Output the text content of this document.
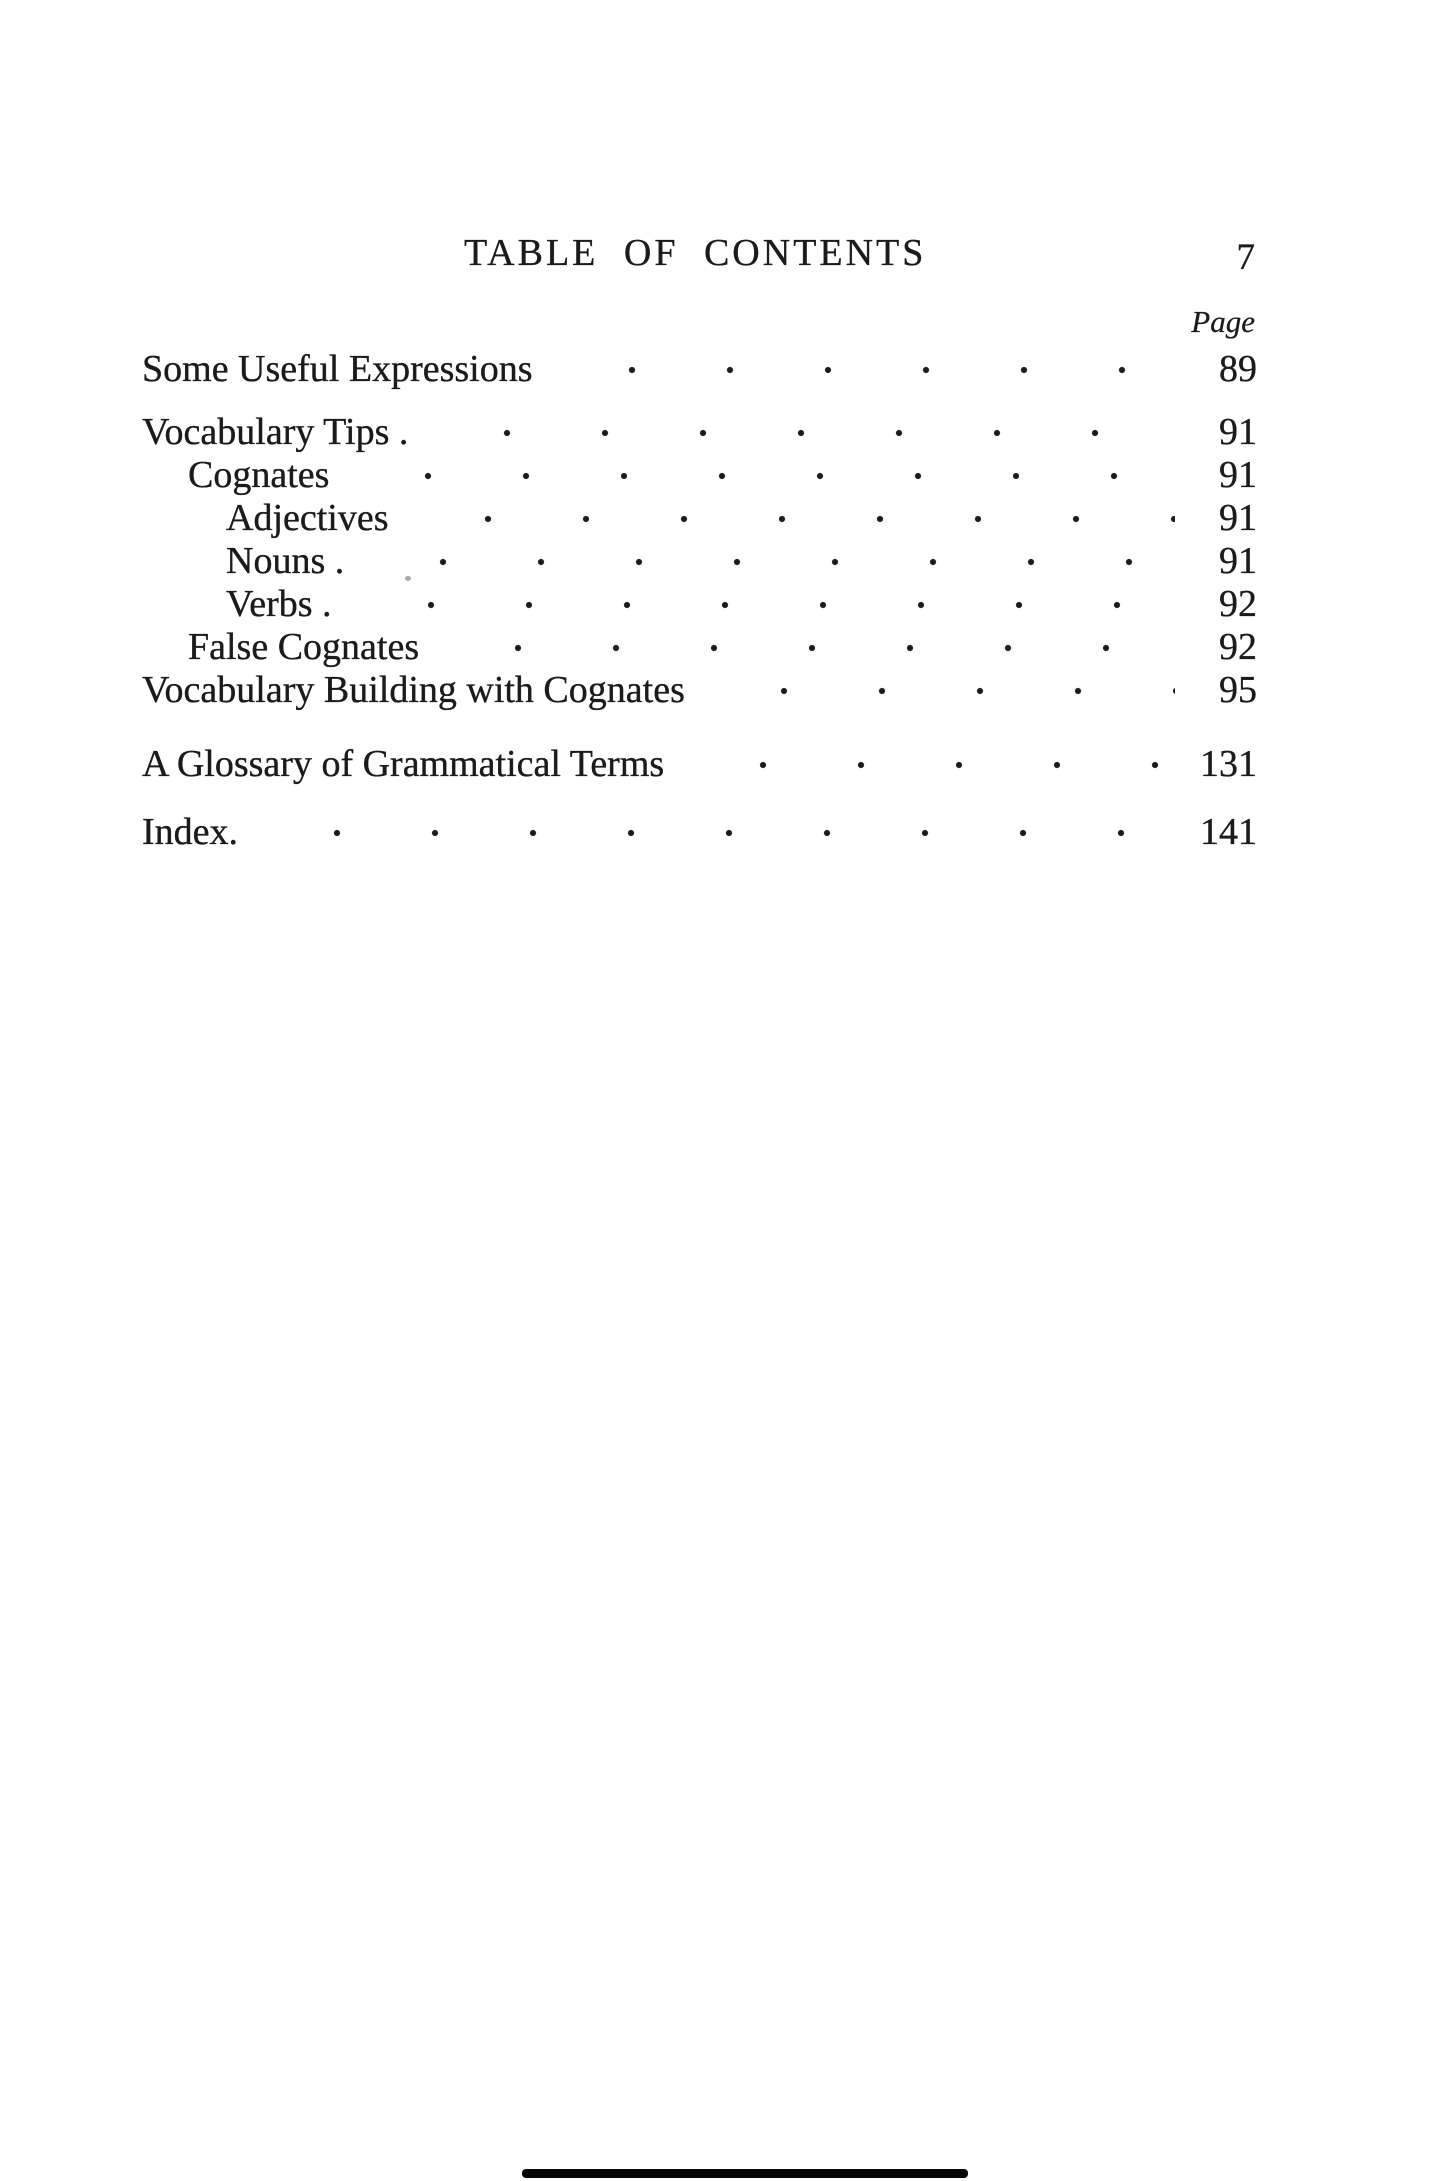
TABLE OF CONTENTS	7
Page
Some Useful Expressions	89
Vocabulary Tips .	91
Cognates	91
Adjectives	91
Nouns .	91
Verbs .	92
False Cognates	92
Vocabulary Building with Cognates	95
A Glossary of Grammatical Terms	131
Index.	141
